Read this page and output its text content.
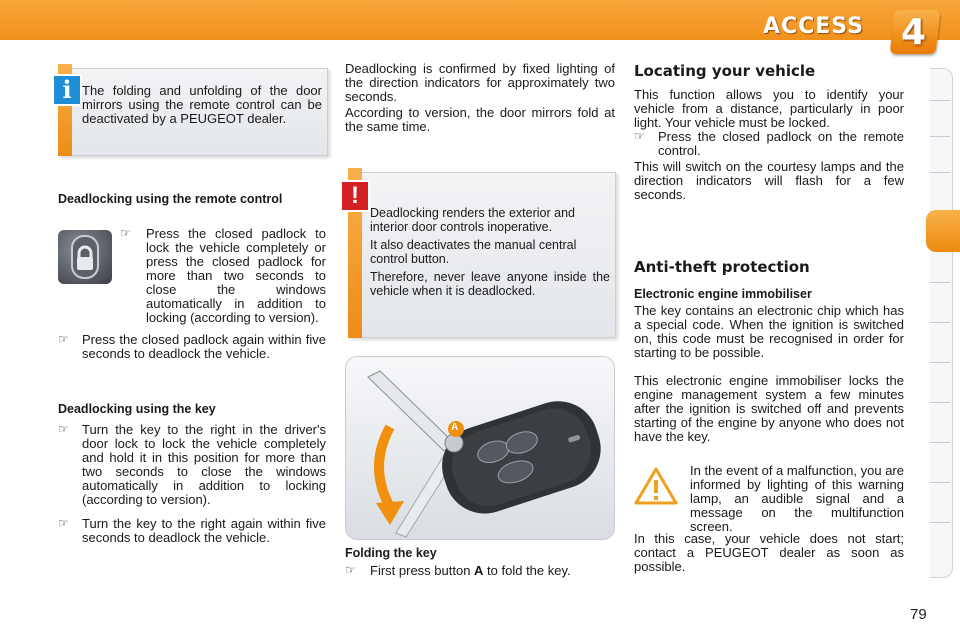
ACCESS 4
i The folding and unfolding of the door mirrors using the remote control can be deactivated by a PEUGEOT dealer.
Deadlocking using the remote control
☞ Press the closed padlock to lock the vehicle completely or press the closed padlock for more than two seconds to close the windows automatically in addition to locking (according to version).
☞ Press the closed padlock again within five seconds to deadlock the vehicle.
Deadlocking using the key
☞ Turn the key to the right in the driver's door lock to lock the vehicle completely and hold it in this position for more than two seconds to close the windows automatically in addition to locking (according to version).
☞ Turn the key to the right again within five seconds to deadlock the vehicle.
Deadlocking is confirmed by fixed lighting of the direction indicators for approximately two seconds.
According to version, the door mirrors fold at the same time.
!

Deadlocking renders the exterior and interior door controls inoperative.

It also deactivates the manual central control button.

Therefore, never leave anyone inside the vehicle when it is deadlocked.

A
Folding the key
☞ First press button A to fold the key.
Locating your vehicle
This function allows you to identify your vehicle from a distance, particularly in poor light. Your vehicle must be locked.
☞ Press the closed padlock on the remote control.
This will switch on the courtesy lamps and the direction indicators will flash for a few seconds.
Anti-theft protection
Electronic engine immobiliser
The key contains an electronic chip which has a special code. When the ignition is switched on, this code must be recognised in order for starting to be possible.
This electronic engine immobiliser locks the engine management system a few minutes after the ignition is switched off and prevents starting of the engine by anyone who does not have the key.
In the event of a malfunction, you are informed by lighting of this warning lamp, an audible signal and a message on the multifunction screen.
In this case, your vehicle does not start; contact a PEUGEOT dealer as soon as possible.
79
